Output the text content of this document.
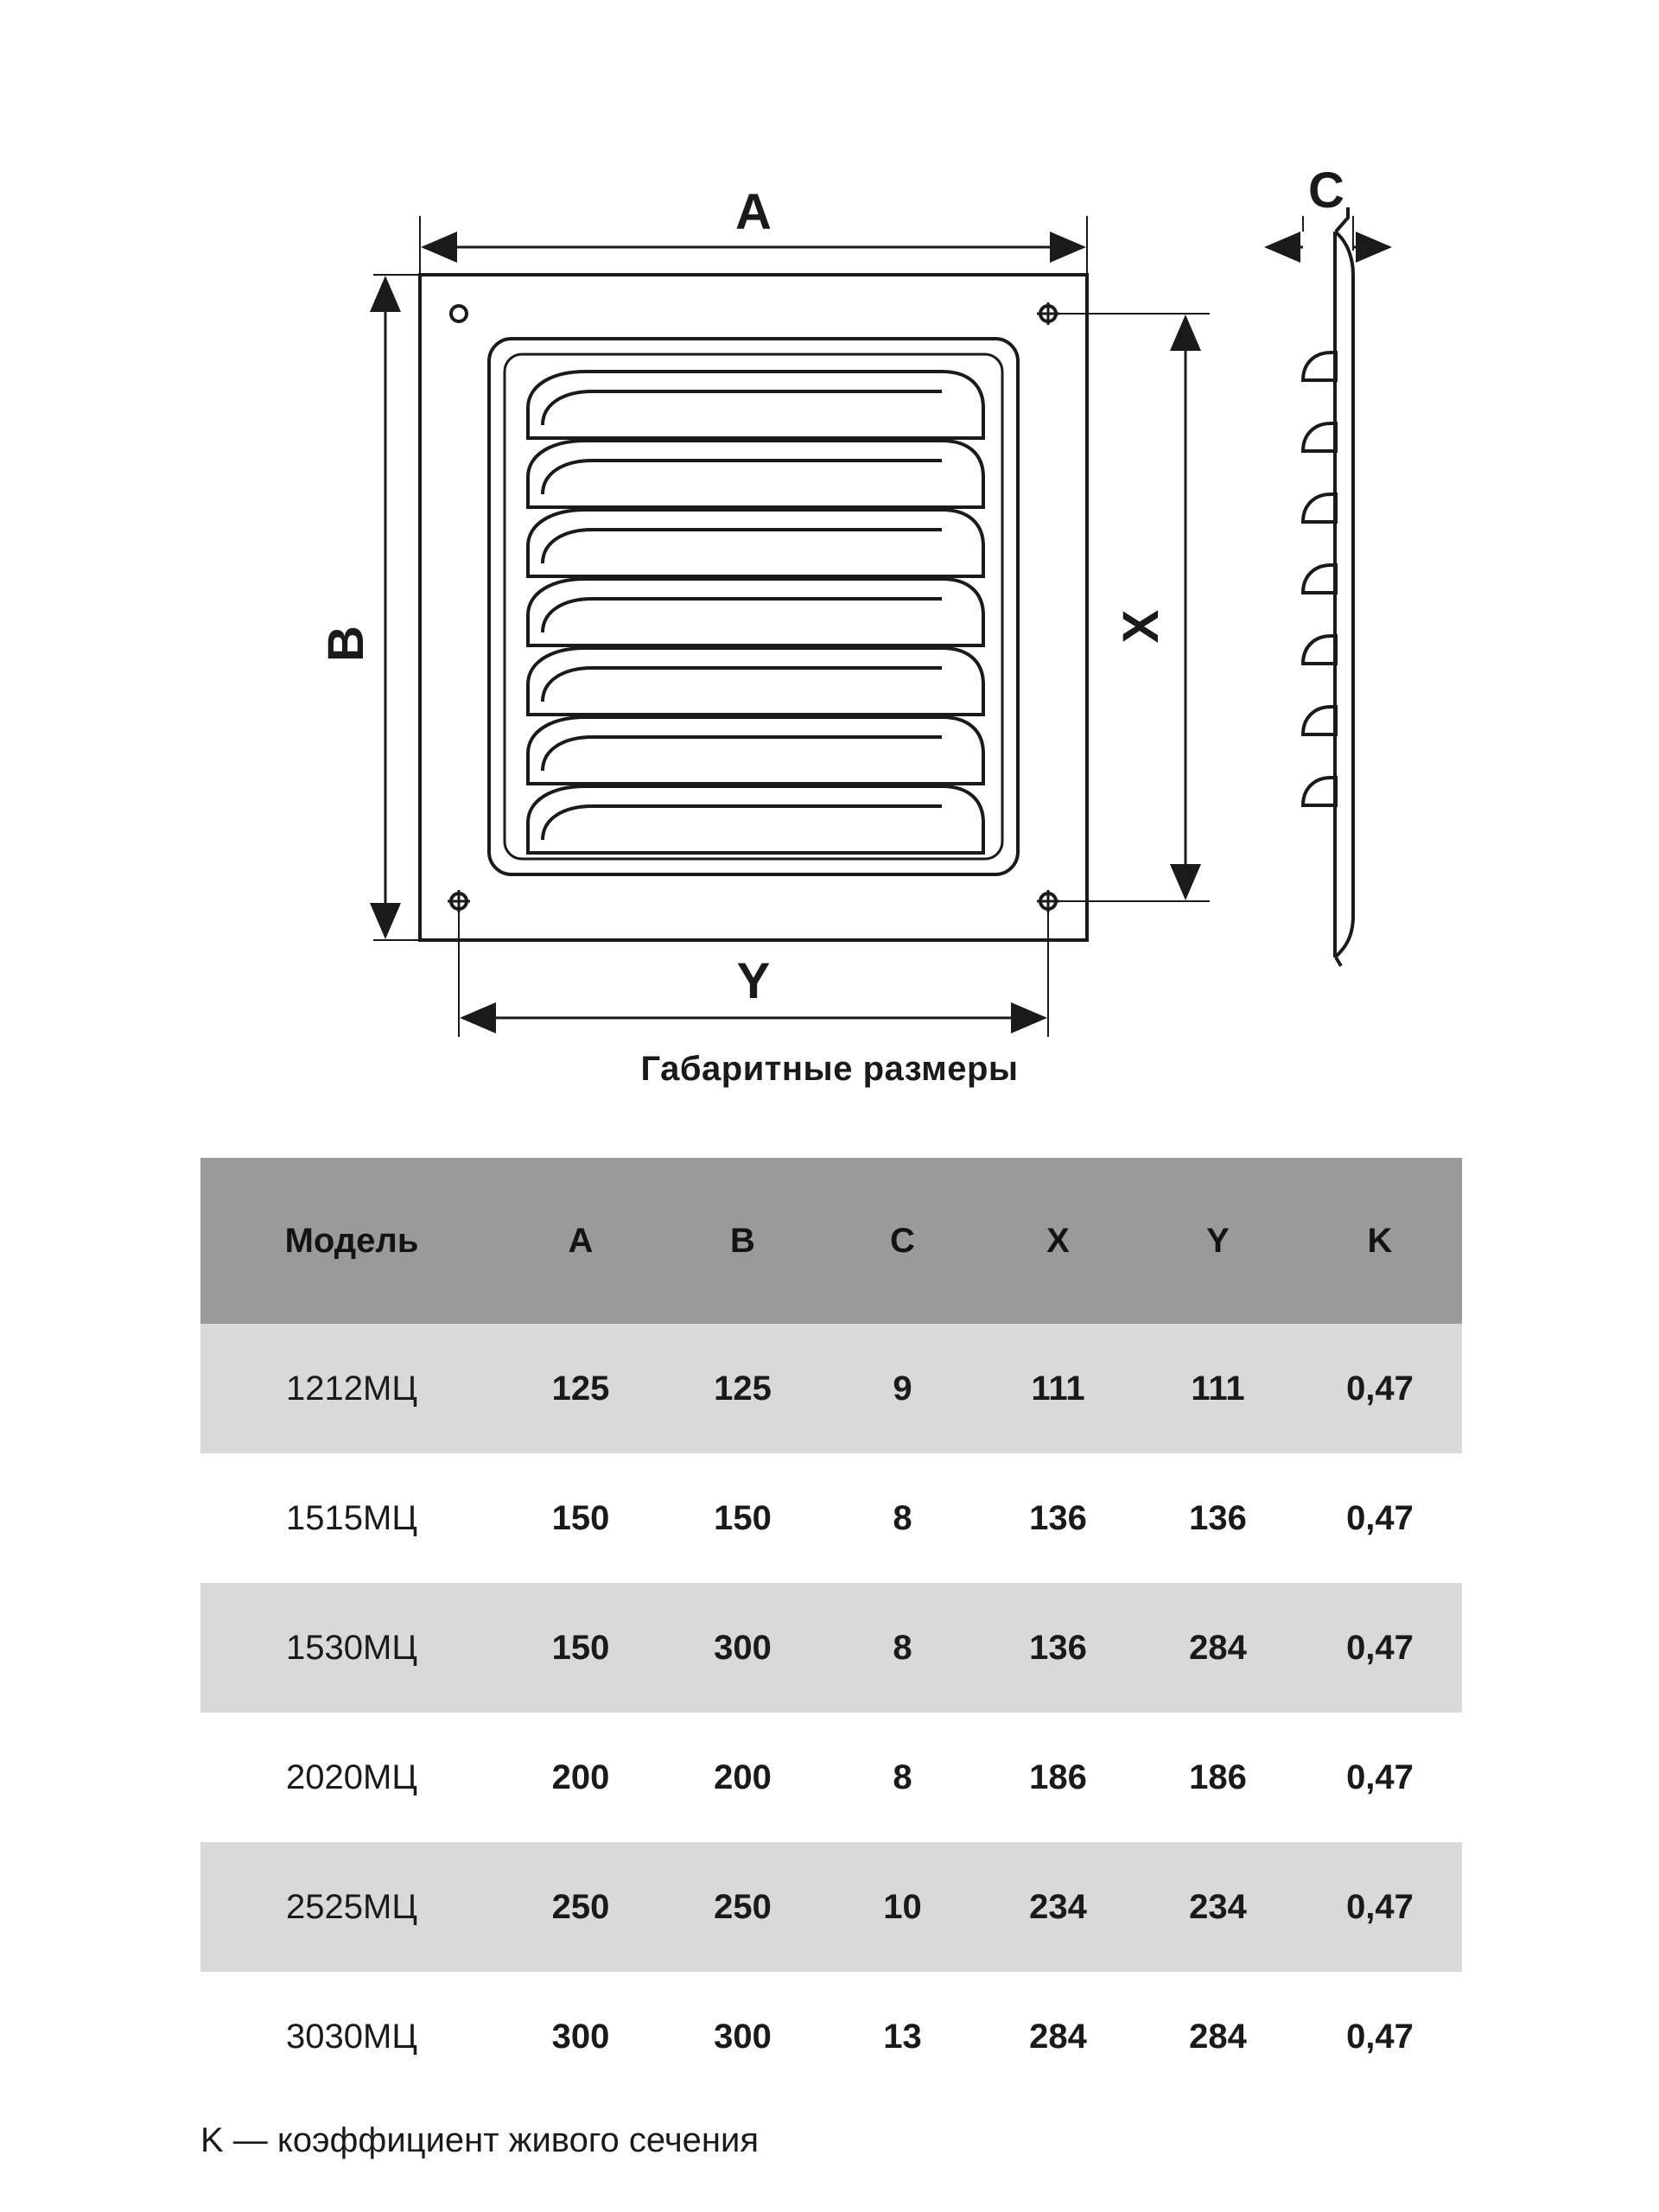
A
B	X
Y
C
Габаритные размеры
Модель	A	B	C	X	Y	K
1212МЦ	125	125	9	111	111	0,47
1515МЦ	150	150	8	136	136	0,47
1530МЦ	150	300	8	136	284	0,47
2020МЦ	200	200	8	186	186	0,47
2525МЦ	250	250	10	234	234	0,47
3030МЦ	300	300	13	284	284	0,47
K — коэффициент живого сечения
